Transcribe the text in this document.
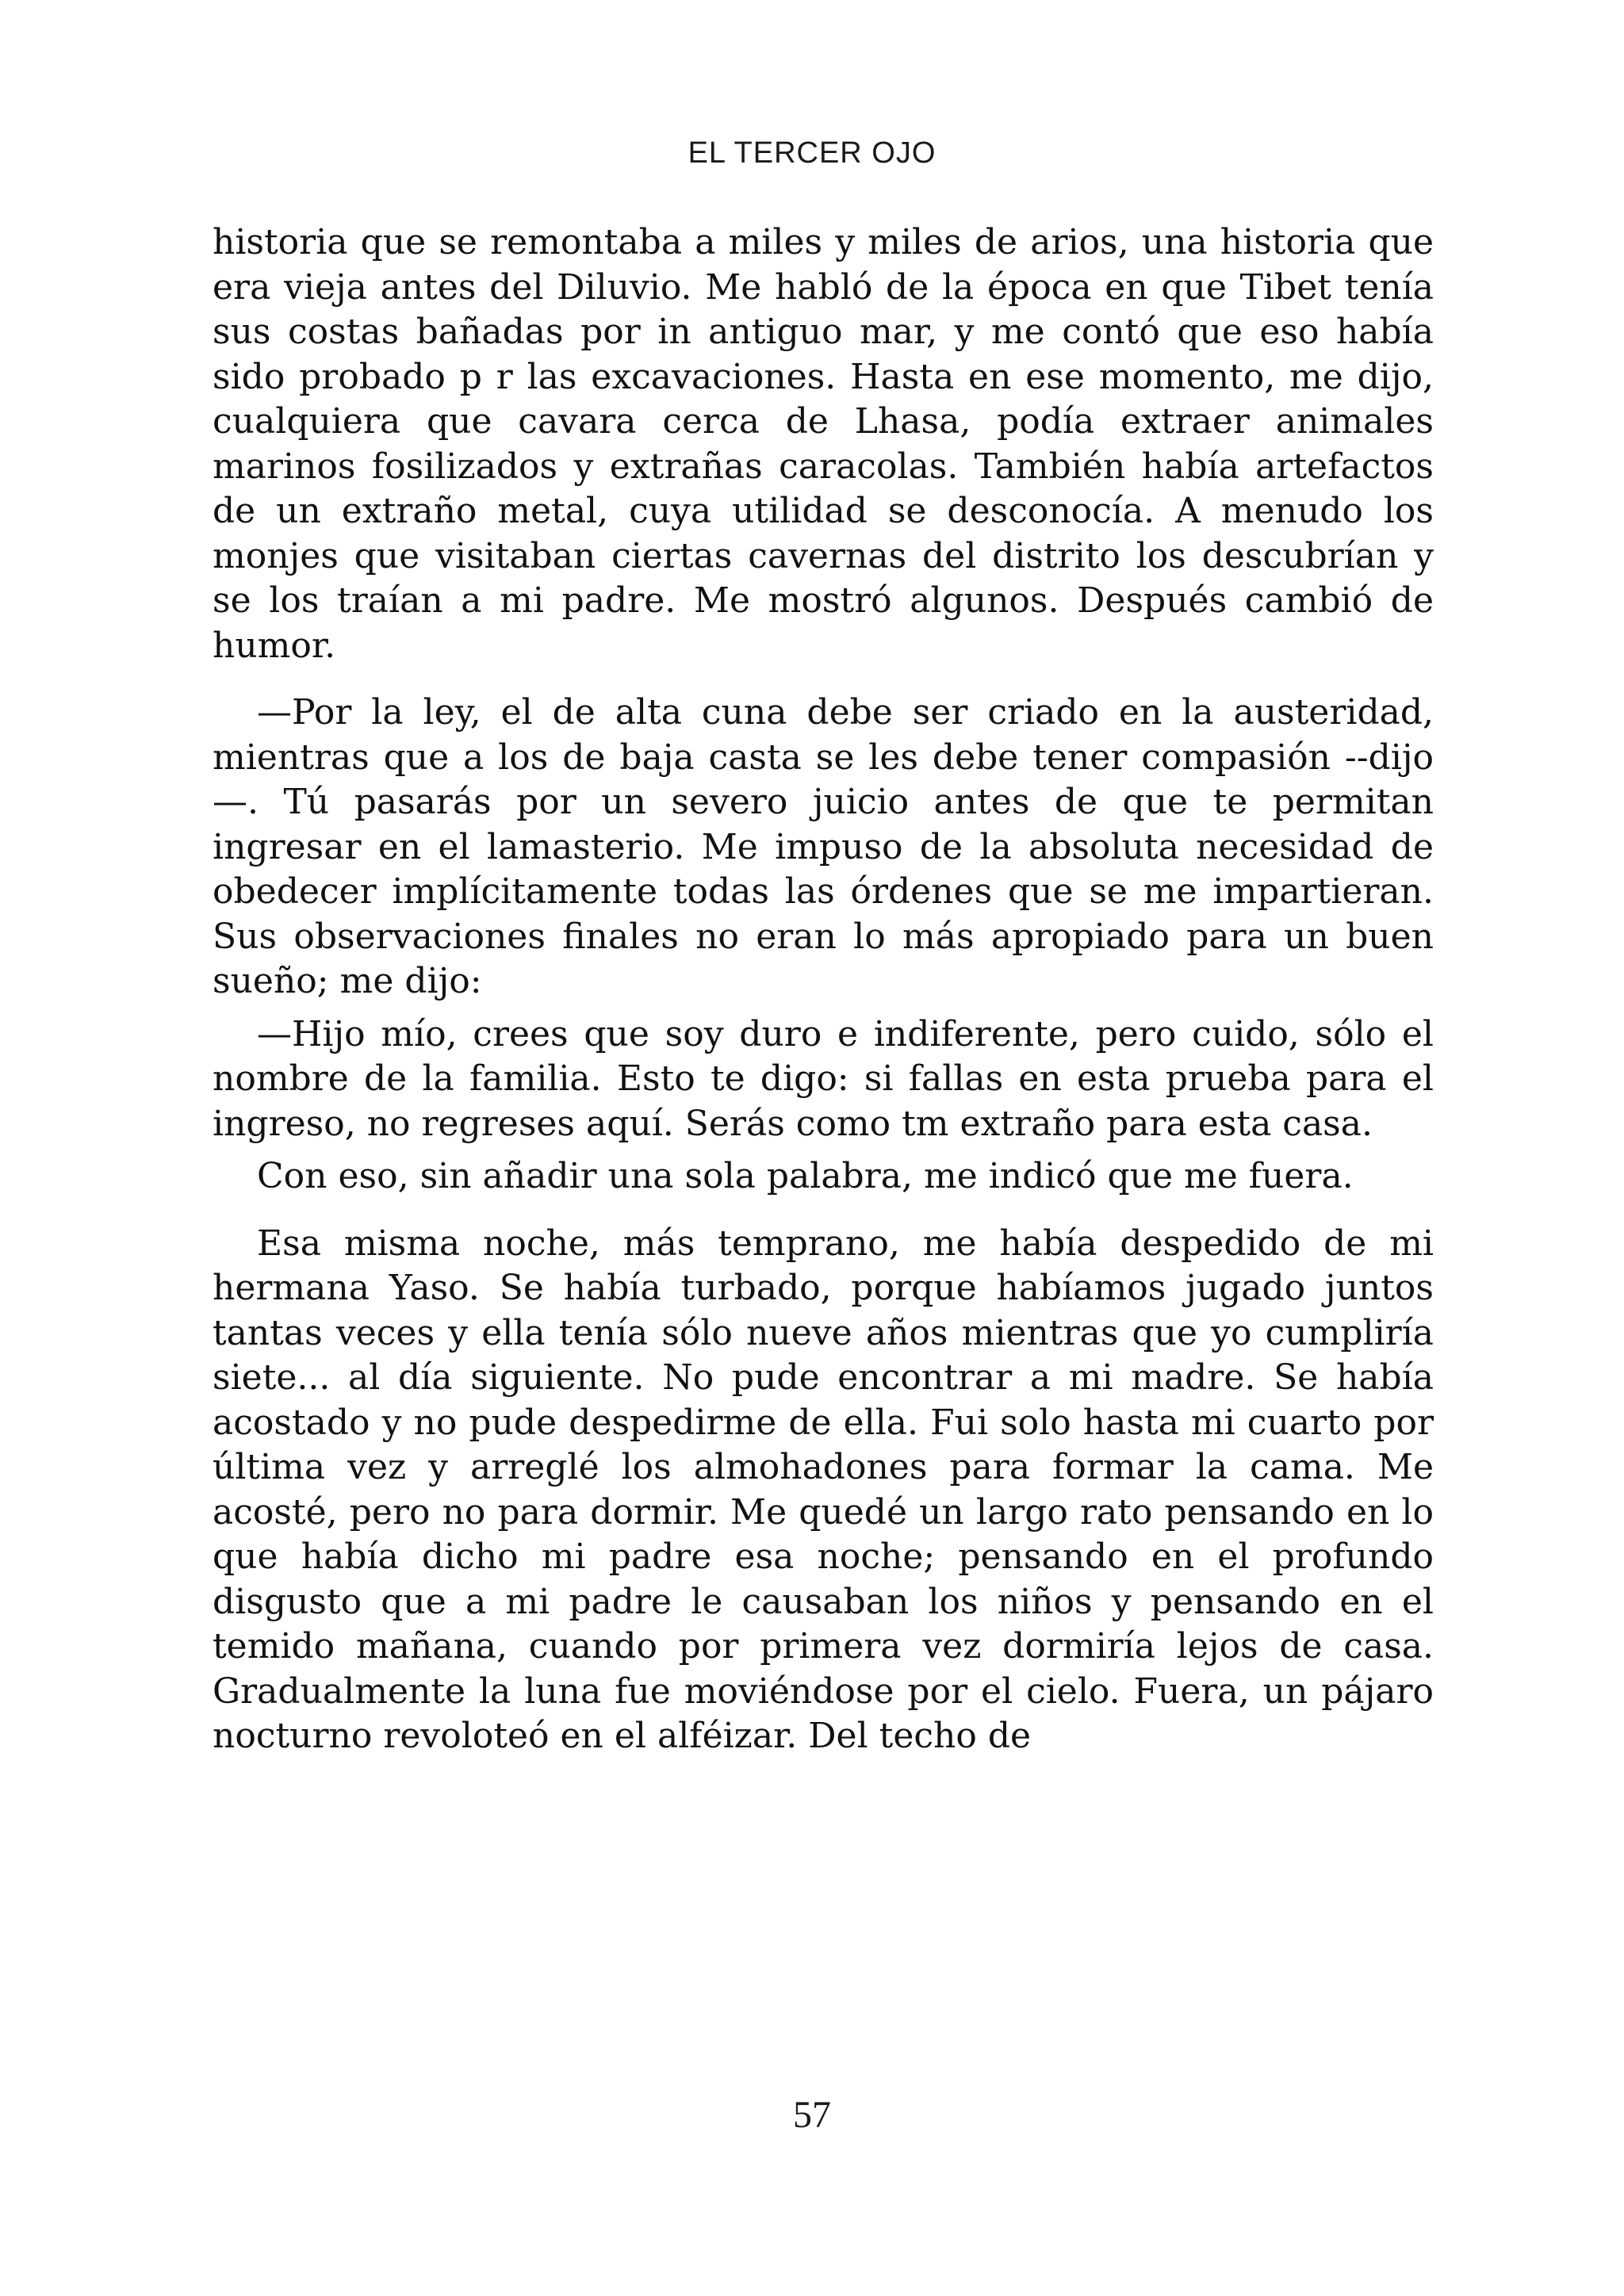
EL TERCER OJO

historia que se remontaba a miles y miles de arios, una historia que era vieja antes del Diluvio. Me habló de la época en que Tibet tenía sus costas bañadas por in antiguo mar, y me contó que eso había sido probado p r las excavaciones. Hasta en ese momento, me dijo, cualquiera que cavara cerca de Lhasa, podía extraer animales marinos fosilizados y extrañas caracolas. También había artefactos de un extraño metal, cuya utilidad se desconocía. A menudo los monjes que visitaban ciertas cavernas del distrito los descubrían y se los traían a mi padre. Me mostró algunos. Después cambió de humor.

—Por la ley, el de alta cuna debe ser criado en la austeridad, mientras que a los de baja casta se les debe tener compasión --dijo—. Tú pasarás por un severo juicio antes de que te permitan ingresar en el lamasterio. Me impuso de la absoluta necesidad de obedecer implícitamente todas las órdenes que se me impartieran. Sus observaciones finales no eran lo más apropiado para un buen sueño; me dijo:

—Hijo mío, crees que soy duro e indiferente, pero cuido, sólo el nombre de la familia. Esto te digo: si fallas en esta prueba para el ingreso, no regreses aquí. Serás como tm extraño para esta casa.

Con eso, sin añadir una sola palabra, me indicó que me fuera.

Esa misma noche, más temprano, me había despedido de mi hermana Yaso. Se había turbado, porque habíamos jugado juntos tantas veces y ella tenía sólo nueve años mientras que yo cumpliría siete... al día siguiente. No pude encontrar a mi madre. Se había acostado y no pude despedirme de ella. Fui solo hasta mi cuarto por última vez y arreglé los almohadones para formar la cama. Me acosté, pero no para dormir. Me quedé un largo rato pensando en lo que había dicho mi padre esa noche; pensando en el profundo disgusto que a mi padre le causaban los niños y pensando en el temido mañana, cuando por primera vez dormiría lejos de casa. Gradualmente la luna fue moviéndose por el cielo. Fuera, un pájaro nocturno revoloteó en el alféizar. Del techo de

57
